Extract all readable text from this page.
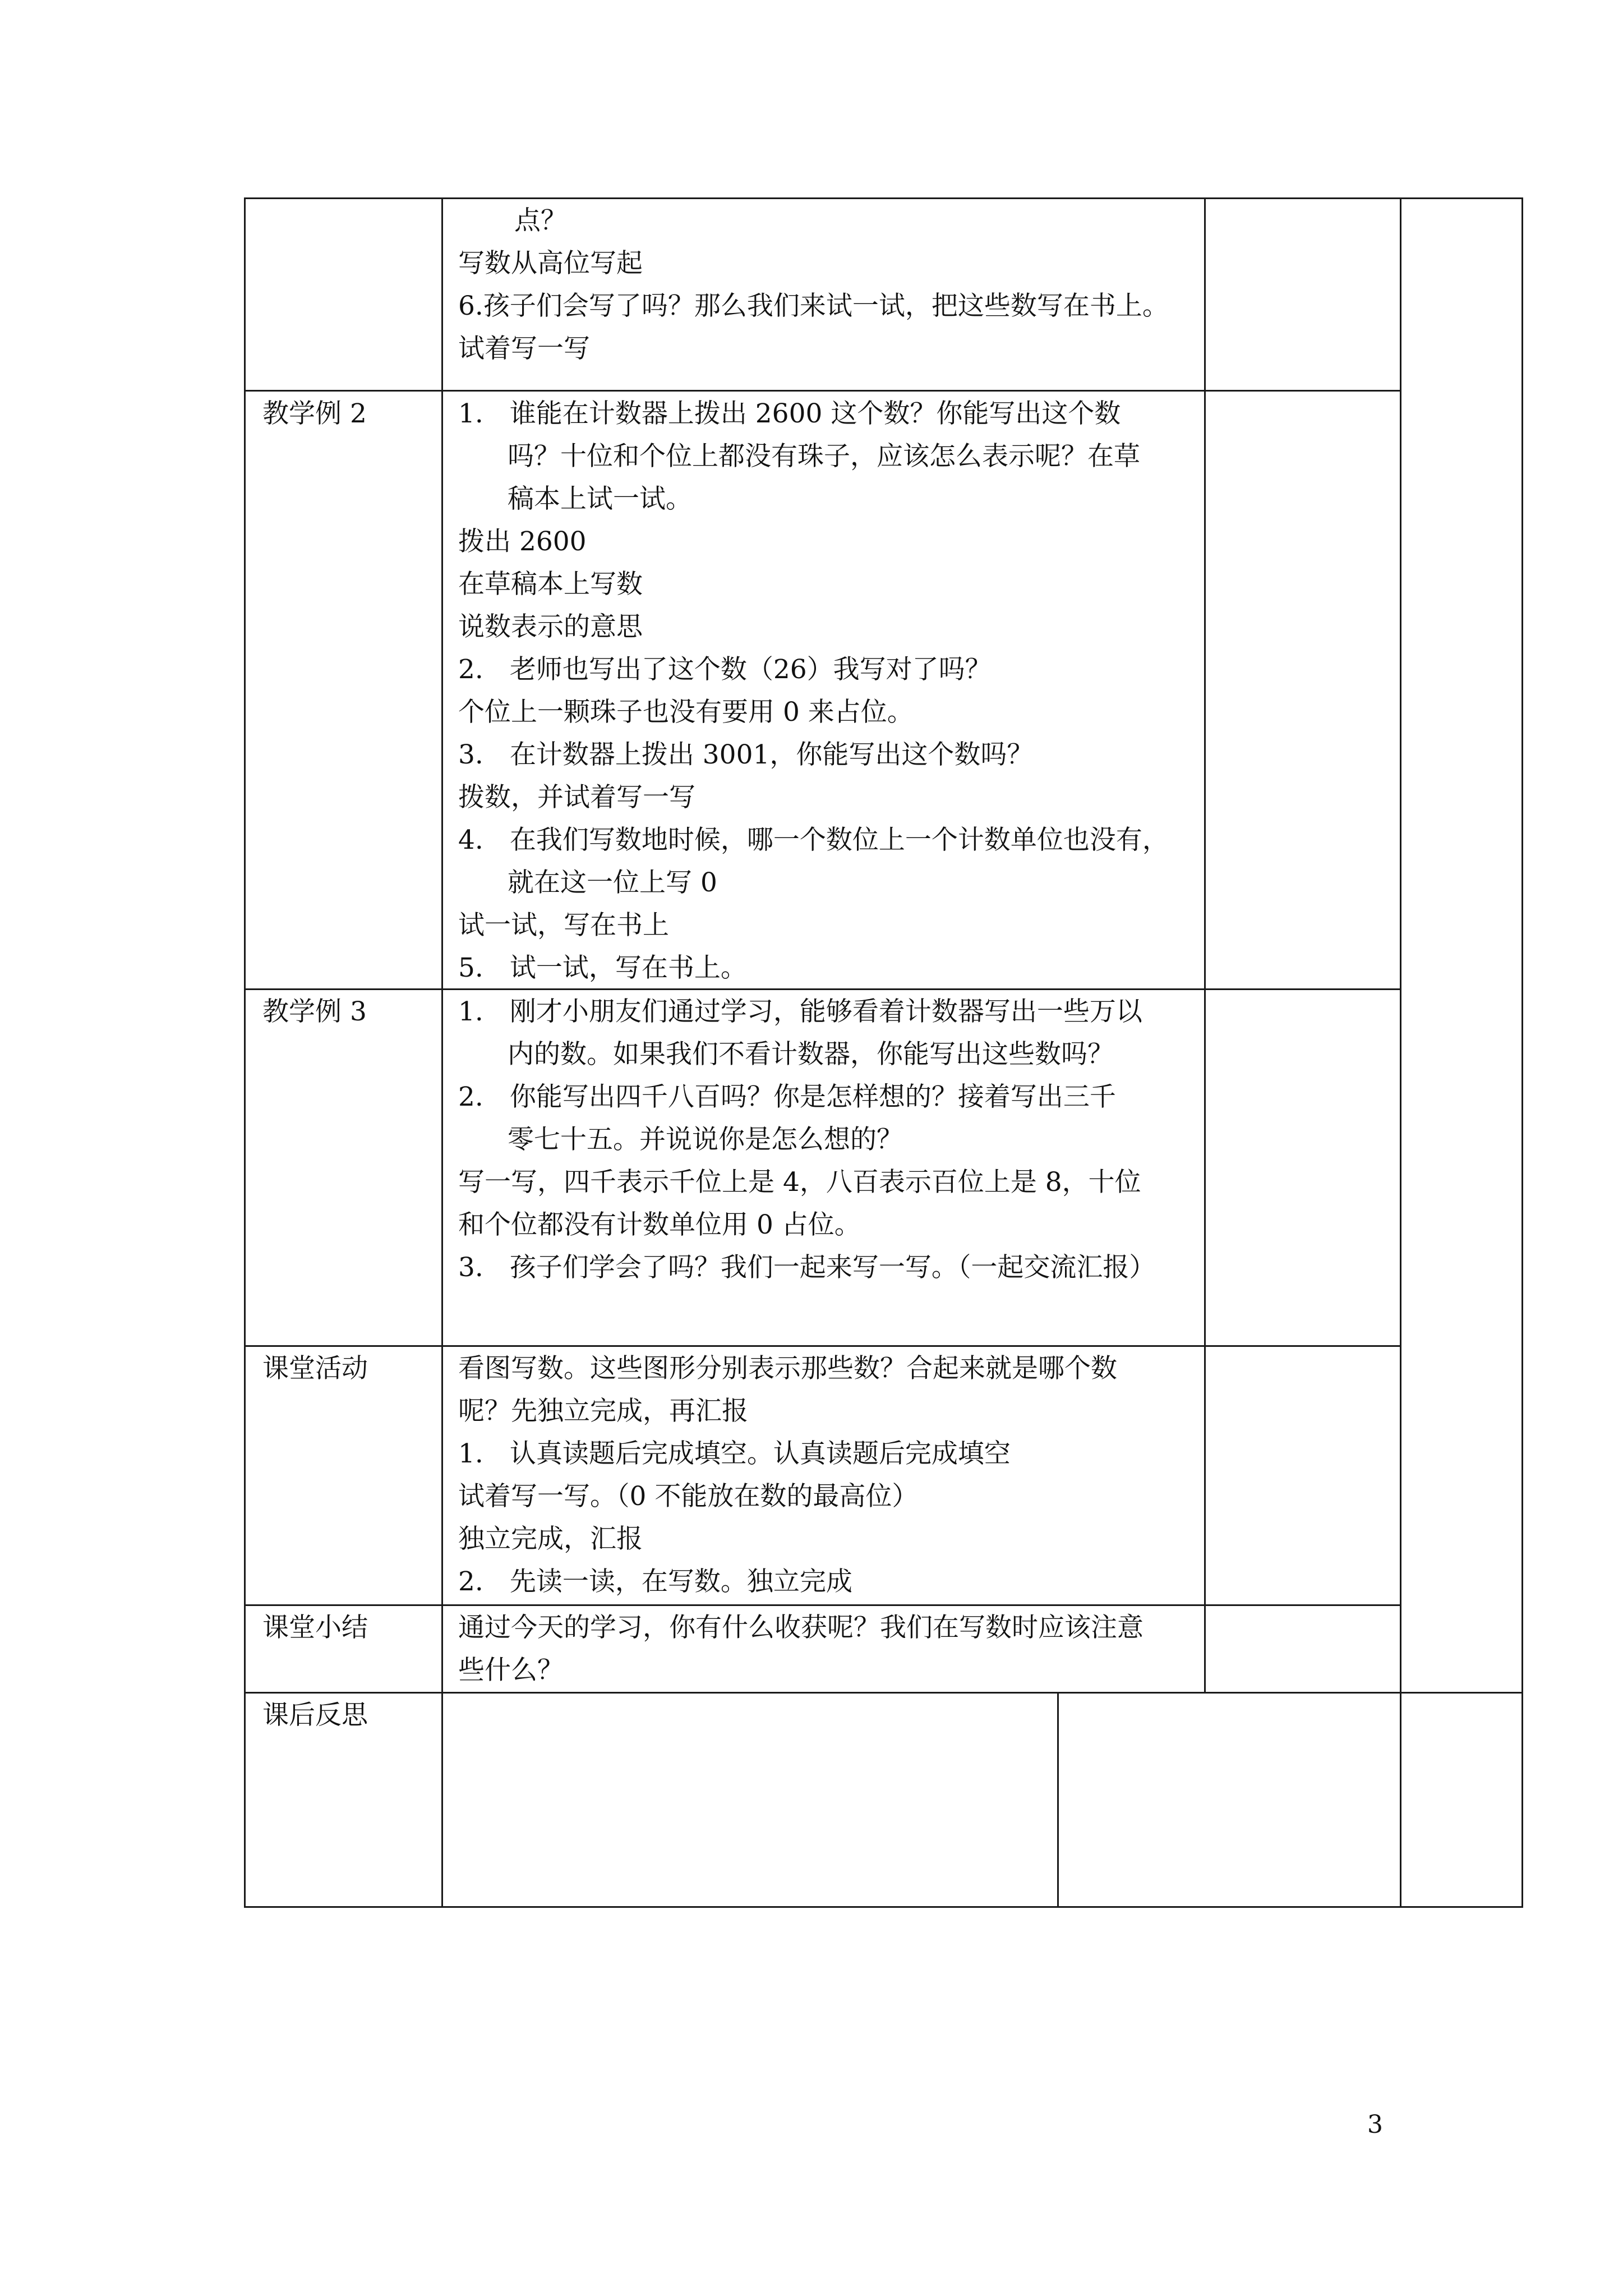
教学例 2
教学例 3
课堂活动
课堂小结
课后反思
点？
写数从高位写起
6.孩子们会写了吗？那么我们来试一试，把这些数写在书上。
试着写一写
1. 谁能在计数器上拨出 2600 这个数？你能写出这个数
吗？十位和个位上都没有珠子，应该怎么表示呢？在草
稿本上试一试。
拨出 2600
在草稿本上写数
说数表示的意思
2. 老师也写出了这个数（26）我写对了吗？
个位上一颗珠子也没有要用 0 来占位。
3. 在计数器上拨出 3001，你能写出这个数吗？
拨数，并试着写一写
4. 在我们写数地时候，哪一个数位上一个计数单位也没有，
就在这一位上写 0
试一试，写在书上
5. 试一试，写在书上。
1. 刚才小朋友们通过学习，能够看着计数器写出一些万以
内的数。如果我们不看计数器，你能写出这些数吗？
2. 你能写出四千八百吗？你是怎样想的？接着写出三千
零七十五。并说说你是怎么想的？
写一写，四千表示千位上是 4，八百表示百位上是 8，十位
和个位都没有计数单位用 0 占位。
3. 孩子们学会了吗？我们一起来写一写。（一起交流汇报）
看图写数。这些图形分别表示那些数？合起来就是哪个数
呢？先独立完成，再汇报
1. 认真读题后完成填空。认真读题后完成填空
试着写一写。（0 不能放在数的最高位）
独立完成，汇报
2. 先读一读，在写数。独立完成
通过今天的学习，你有什么收获呢？我们在写数时应该注意
些什么？
3
